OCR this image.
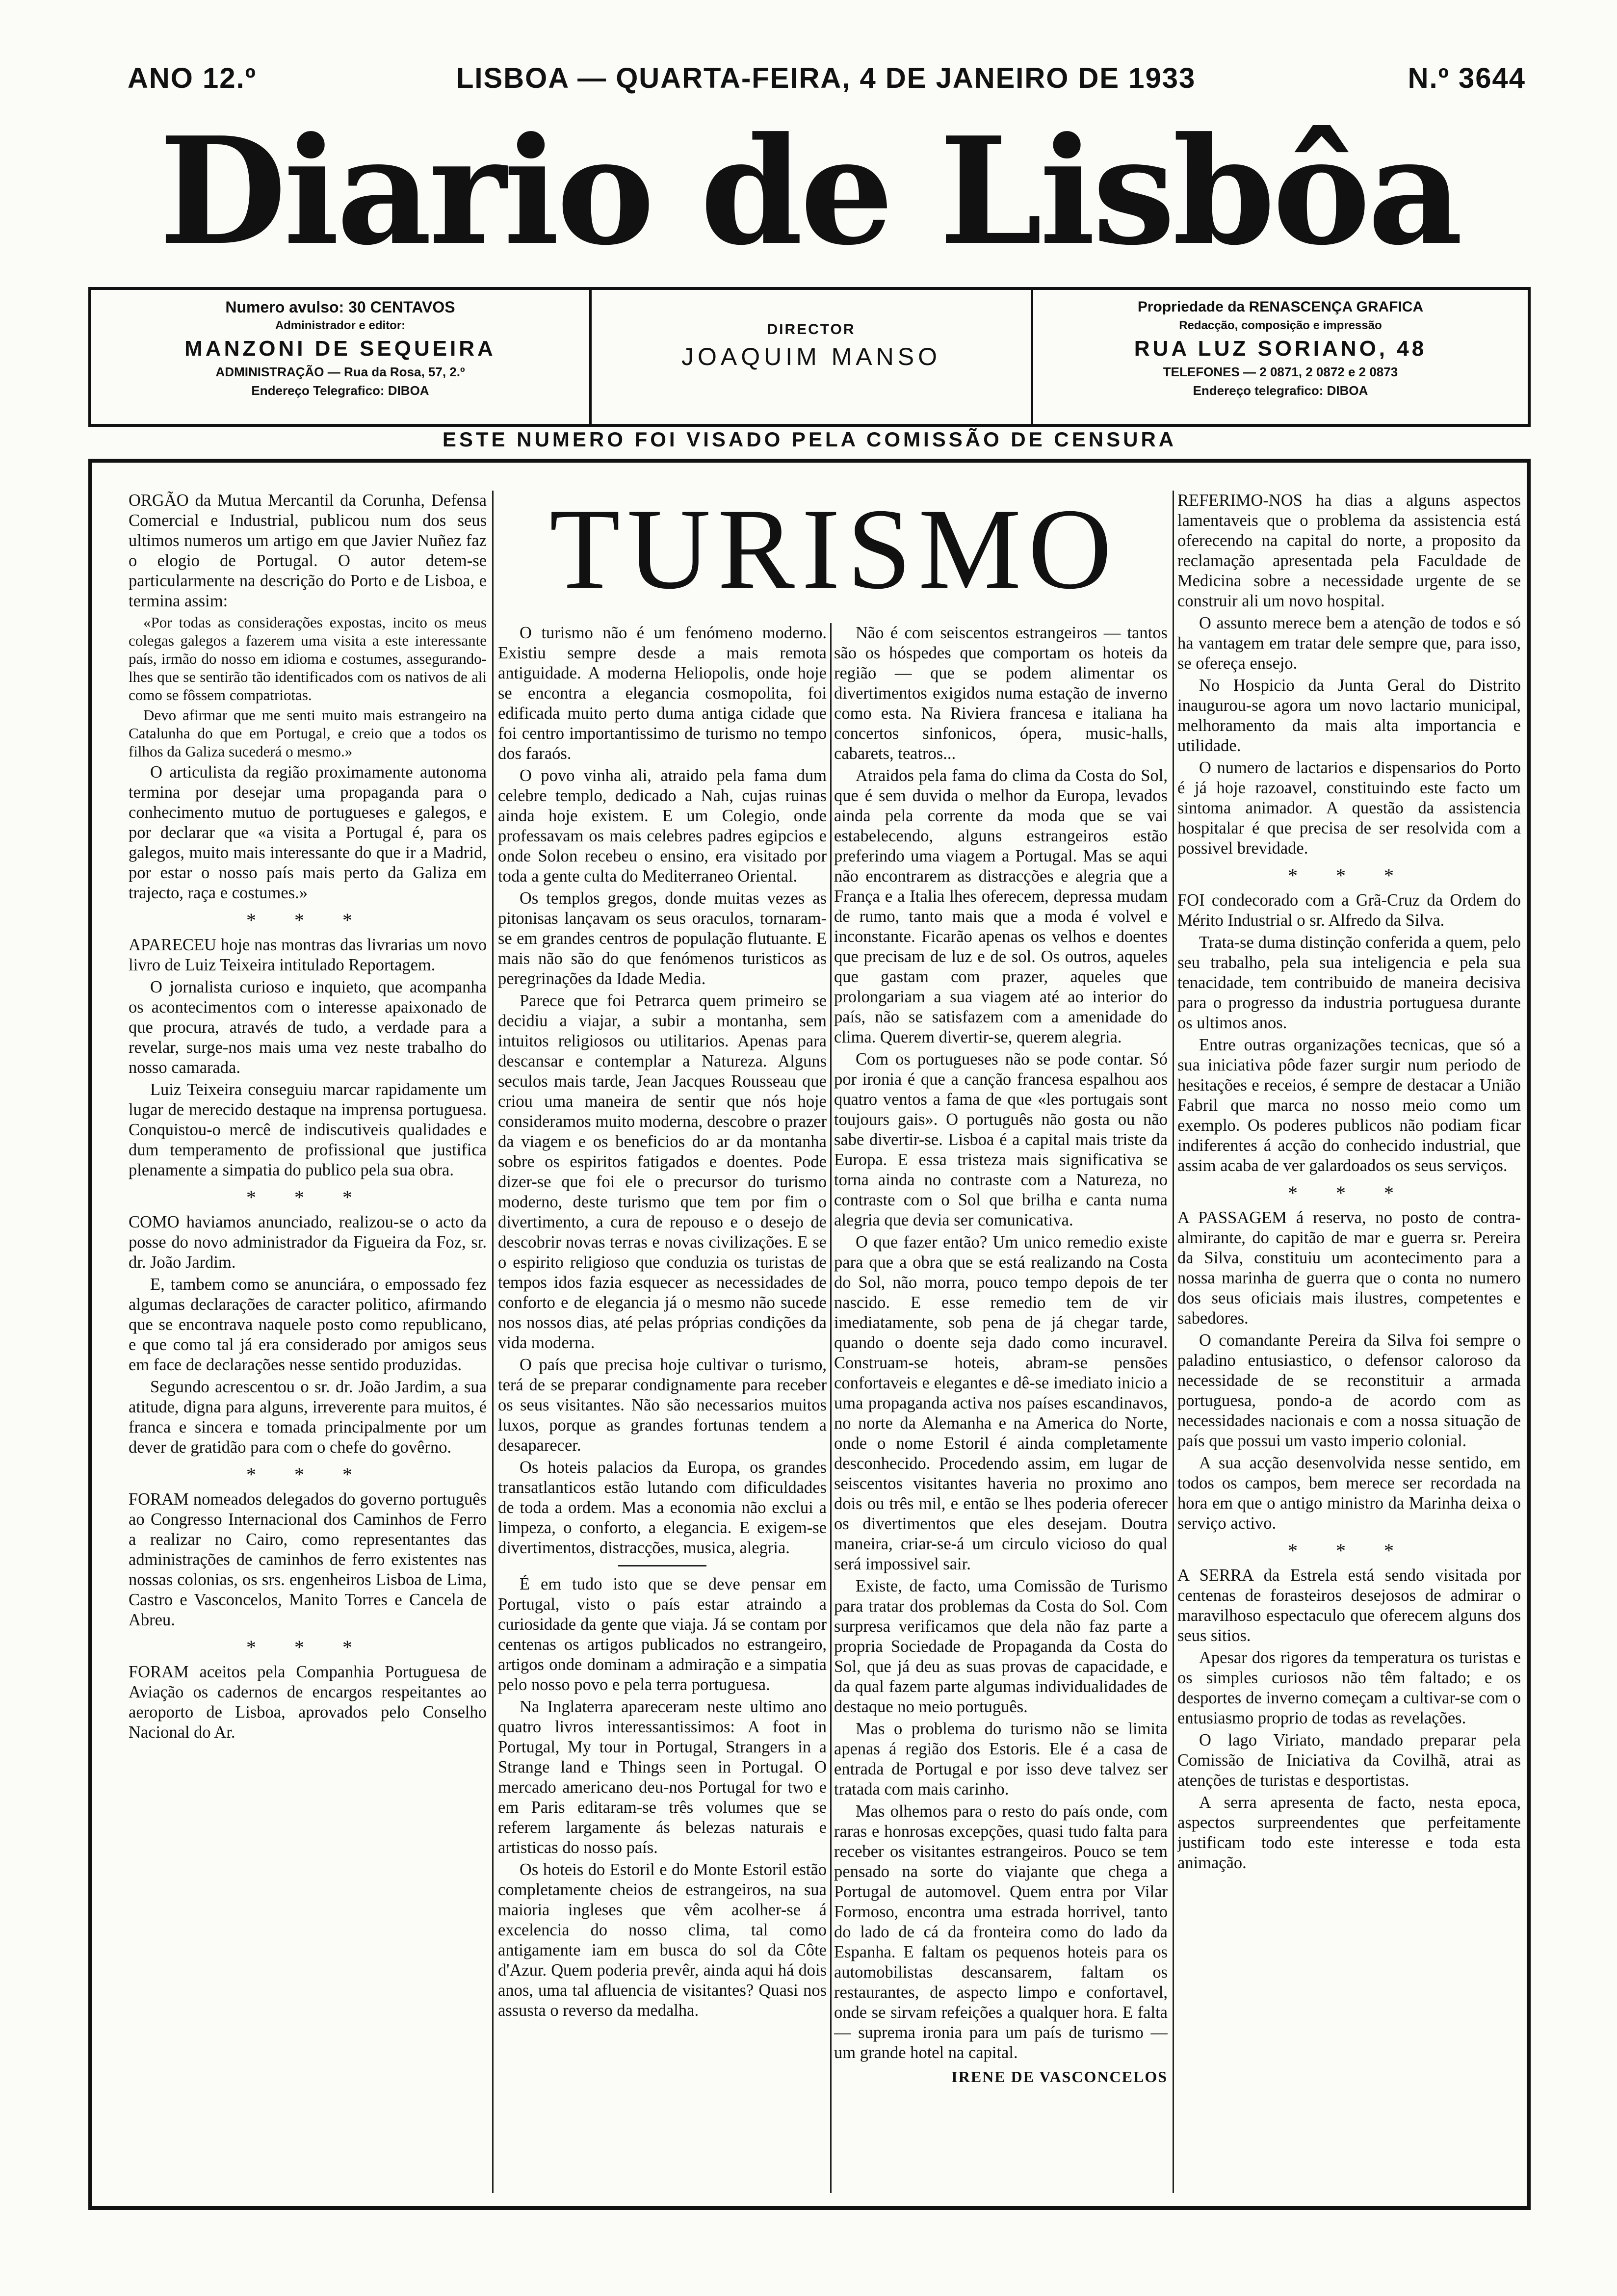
ANO 12.º	LISBOA — QUARTA-FEIRA, 4 DE JANEIRO DE 1933	N.º 3644
Diario de Lisbôa
Numero avulso: 30 CENTAVOS
Administrador e editor:
MANZONI DE SEQUEIRA
ADMINISTRAÇÃO — Rua da Rosa, 57, 2.º
Endereço Telegrafico: DIBOA
DIRECTOR
JOAQUIM MANSO
Propriedade da RENASCENÇA GRAFICA
Redacção, composição e impressão
RUA LUZ SORIANO, 48
TELEFONES — 2 0871, 2 0872 e 2 0873
Endereço telegrafico: DIBOA
ESTE NUMERO FOI VISADO PELA COMISSÃO DE CENSURA

ORGÃO da Mutua Mercantil da Corunha, Defensa Comercial e Industrial, publicou num dos seus ultimos numeros um artigo em que Javier Nuñez faz o elogio de Portugal. O autor detem-se particularmente na descrição do Porto e de Lisboa, e termina assim:

«Por todas as considerações expostas, incito os meus colegas galegos a fazerem uma visita a este interessante país, irmão do nosso em idioma e costumes, assegurando-lhes que se sentirão tão identificados com os nativos de ali como se fôssem compatriotas.

Devo afirmar que me senti muito mais estrangeiro na Catalunha do que em Portugal, e creio que a todos os filhos da Galiza sucederá o mesmo.»

O articulista da região proximamente autonoma termina por desejar uma propaganda para o conhecimento mutuo de portugueses e galegos, e por declarar que «a visita a Portugal é, para os galegos, muito mais interessante do que ir a Madrid, por estar o nosso país mais perto da Galiza em trajecto, raça e costumes.»

* * *

APARECEU hoje nas montras das livrarias um novo livro de Luiz Teixeira intitulado Reportagem.

O jornalista curioso e inquieto, que acompanha os acontecimentos com o interesse apaixonado de que procura, através de tudo, a verdade para a revelar, surge-nos mais uma vez neste trabalho do nosso camarada.

Luiz Teixeira conseguiu marcar rapidamente um lugar de merecido destaque na imprensa portuguesa. Conquistou-o mercê de indiscutiveis qualidades e dum temperamento de profissional que justifica plenamente a simpatia do publico pela sua obra.

* * *

COMO haviamos anunciado, realizou-se o acto da posse do novo administrador da Figueira da Foz, sr. dr. João Jardim.

E, tambem como se anunciára, o empossado fez algumas declarações de caracter politico, afirmando que se encontrava naquele posto como republicano, e que como tal já era considerado por amigos seus em face de declarações nesse sentido produzidas.

Segundo acrescentou o sr. dr. João Jardim, a sua atitude, digna para alguns, irreverente para muitos, é franca e sincera e tomada principalmente por um dever de gratidão para com o chefe do govêrno.

* * *

FORAM nomeados delegados do governo português ao Congresso Internacional dos Caminhos de Ferro a realizar no Cairo, como representantes das administrações de caminhos de ferro existentes nas nossas colonias, os srs. engenheiros Lisboa de Lima, Castro e Vasconcelos, Manito Torres e Cancela de Abreu.

* * *

FORAM aceitos pela Companhia Portuguesa de Aviação os cadernos de encargos respeitantes ao aeroporto de Lisboa, aprovados pelo Conselho Nacional do Ar.

TURISMO

O turismo não é um fenómeno moderno. Existiu sempre desde a mais remota antiguidade. A moderna Heliopolis, onde hoje se encontra a elegancia cosmopolita, foi edificada muito perto duma antiga cidade que foi centro importantissimo de turismo no tempo dos faraós.

O povo vinha ali, atraido pela fama dum celebre templo, dedicado a Nah, cujas ruinas ainda hoje existem. E um Colegio, onde professavam os mais celebres padres egipcios e onde Solon recebeu o ensino, era visitado por toda a gente culta do Mediterraneo Oriental.

Os templos gregos, donde muitas vezes as pitonisas lançavam os seus oraculos, tornaram-se em grandes centros de população flutuante. E mais não são do que fenómenos turisticos as peregrinações da Idade Media.

Parece que foi Petrarca quem primeiro se decidiu a viajar, a subir a montanha, sem intuitos religiosos ou utilitarios. Apenas para descansar e contemplar a Natureza. Alguns seculos mais tarde, Jean Jacques Rousseau que criou uma maneira de sentir que nós hoje consideramos muito moderna, descobre o prazer da viagem e os beneficios do ar da montanha sobre os espiritos fatigados e doentes. Pode dizer-se que foi ele o precursor do turismo moderno, deste turismo que tem por fim o divertimento, a cura de repouso e o desejo de descobrir novas terras e novas civilizações. E se o espirito religioso que conduzia os turistas de tempos idos fazia esquecer as necessidades de conforto e de elegancia já o mesmo não sucede nos nossos dias, até pelas próprias condições da vida moderna.

O país que precisa hoje cultivar o turismo, terá de se preparar condignamente para receber os seus visitantes. Não são necessarios muitos luxos, porque as grandes fortunas tendem a desaparecer.

Os hoteis palacios da Europa, os grandes transatlanticos estão lutando com dificuldades de toda a ordem. Mas a economia não exclui a limpeza, o conforto, a elegancia. E exigem-se divertimentos, distracções, musica, alegria.

É em tudo isto que se deve pensar em Portugal, visto o país estar atraindo a curiosidade da gente que viaja. Já se contam por centenas os artigos publicados no estrangeiro, artigos onde dominam a admiração e a simpatia pelo nosso povo e pela terra portuguesa.

Na Inglaterra apareceram neste ultimo ano quatro livros interessantissimos: A foot in Portugal, My tour in Portugal, Strangers in a Strange land e Things seen in Portugal. O mercado americano deu-nos Portugal for two e em Paris editaram-se três volumes que se referem largamente ás belezas naturais e artisticas do nosso país.

Os hoteis do Estoril e do Monte Estoril estão completamente cheios de estrangeiros, na sua maioria ingleses que vêm acolher-se á excelencia do nosso clima, tal como antigamente iam em busca do sol da Côte d'Azur. Quem poderia prevêr, ainda aqui há dois anos, uma tal afluencia de visitantes? Quasi nos assusta o reverso da medalha.

Não é com seiscentos estrangeiros — tantos são os hóspedes que comportam os hoteis da região — que se podem alimentar os divertimentos exigidos numa estação de inverno como esta. Na Riviera francesa e italiana ha concertos sinfonicos, ópera, music-halls, cabarets, teatros...

Atraidos pela fama do clima da Costa do Sol, que é sem duvida o melhor da Europa, levados ainda pela corrente da moda que se vai estabelecendo, alguns estrangeiros estão preferindo uma viagem a Portugal. Mas se aqui não encontrarem as distracções e alegria que a França e a Italia lhes oferecem, depressa mudam de rumo, tanto mais que a moda é volvel e inconstante. Ficarão apenas os velhos e doentes que precisam de luz e de sol. Os outros, aqueles que gastam com prazer, aqueles que prolongariam a sua viagem até ao interior do país, não se satisfazem com a amenidade do clima. Querem divertir-se, querem alegria.

Com os portugueses não se pode contar. Só por ironia é que a canção francesa espalhou aos quatro ventos a fama de que «les portugais sont toujours gais». O português não gosta ou não sabe divertir-se. Lisboa é a capital mais triste da Europa. E essa tristeza mais significativa se torna ainda no contraste com a Natureza, no contraste com o Sol que brilha e canta numa alegria que devia ser comunicativa.

O que fazer então? Um unico remedio existe para que a obra que se está realizando na Costa do Sol, não morra, pouco tempo depois de ter nascido. E esse remedio tem de vir imediatamente, sob pena de já chegar tarde, quando o doente seja dado como incuravel. Construam-se hoteis, abram-se pensões confortaveis e elegantes e dê-se imediato inicio a uma propaganda activa nos países escandinavos, no norte da Alemanha e na America do Norte, onde o nome Estoril é ainda completamente desconhecido. Procedendo assim, em lugar de seiscentos visitantes haveria no proximo ano dois ou três mil, e então se lhes poderia oferecer os divertimentos que eles desejam. Doutra maneira, criar-se-á um circulo vicioso do qual será impossivel sair.

Existe, de facto, uma Comissão de Turismo para tratar dos problemas da Costa do Sol. Com surpresa verificamos que dela não faz parte a propria Sociedade de Propaganda da Costa do Sol, que já deu as suas provas de capacidade, e da qual fazem parte algumas individualidades de destaque no meio português.

Mas o problema do turismo não se limita apenas á região dos Estoris. Ele é a casa de entrada de Portugal e por isso deve talvez ser tratada com mais carinho.

Mas olhemos para o resto do país onde, com raras e honrosas excepções, quasi tudo falta para receber os visitantes estrangeiros. Pouco se tem pensado na sorte do viajante que chega a Portugal de automovel. Quem entra por Vilar Formoso, encontra uma estrada horrivel, tanto do lado de cá da fronteira como do lado da Espanha. E faltam os pequenos hoteis para os automobilistas descansarem, faltam os restaurantes, de aspecto limpo e confortavel, onde se sirvam refeições a qualquer hora. E falta — suprema ironia para um país de turismo — um grande hotel na capital.

IRENE DE VASCONCELOS

REFERIMO-NOS ha dias a alguns aspectos lamentaveis que o problema da assistencia está oferecendo na capital do norte, a proposito da reclamação apresentada pela Faculdade de Medicina sobre a necessidade urgente de se construir ali um novo hospital.

O assunto merece bem a atenção de todos e só ha vantagem em tratar dele sempre que, para isso, se ofereça ensejo.

No Hospicio da Junta Geral do Distrito inaugurou-se agora um novo lactario municipal, melhoramento da mais alta importancia e utilidade.

O numero de lactarios e dispensarios do Porto é já hoje razoavel, constituindo este facto um sintoma animador. A questão da assistencia hospitalar é que precisa de ser resolvida com a possivel brevidade.

* * *

FOI condecorado com a Grã-Cruz da Ordem do Mérito Industrial o sr. Alfredo da Silva.

Trata-se duma distinção conferida a quem, pelo seu trabalho, pela sua inteligencia e pela sua tenacidade, tem contribuido de maneira decisiva para o progresso da industria portuguesa durante os ultimos anos.

Entre outras organizações tecnicas, que só a sua iniciativa pôde fazer surgir num periodo de hesitações e receios, é sempre de destacar a União Fabril que marca no nosso meio como um exemplo. Os poderes publicos não podiam ficar indiferentes á acção do conhecido industrial, que assim acaba de ver galardoados os seus serviços.

* * *

A PASSAGEM á reserva, no posto de contra-almirante, do capitão de mar e guerra sr. Pereira da Silva, constituiu um acontecimento para a nossa marinha de guerra que o conta no numero dos seus oficiais mais ilustres, competentes e sabedores.

O comandante Pereira da Silva foi sempre o paladino entusiastico, o defensor caloroso da necessidade de se reconstituir a armada portuguesa, pondo-a de acordo com as necessidades nacionais e com a nossa situação de país que possui um vasto imperio colonial.

A sua acção desenvolvida nesse sentido, em todos os campos, bem merece ser recordada na hora em que o antigo ministro da Marinha deixa o serviço activo.

* * *

A SERRA da Estrela está sendo visitada por centenas de forasteiros desejosos de admirar o maravilhoso espectaculo que oferecem alguns dos seus sitios.

Apesar dos rigores da temperatura os turistas e os simples curiosos não têm faltado; e os desportes de inverno começam a cultivar-se com o entusiasmo proprio de todas as revelações.

O lago Viriato, mandado preparar pela Comissão de Iniciativa da Covilhã, atrai as atenções de turistas e desportistas.

A serra apresenta de facto, nesta epoca, aspectos surpreendentes que perfeitamente justificam todo este interesse e toda esta animação.
